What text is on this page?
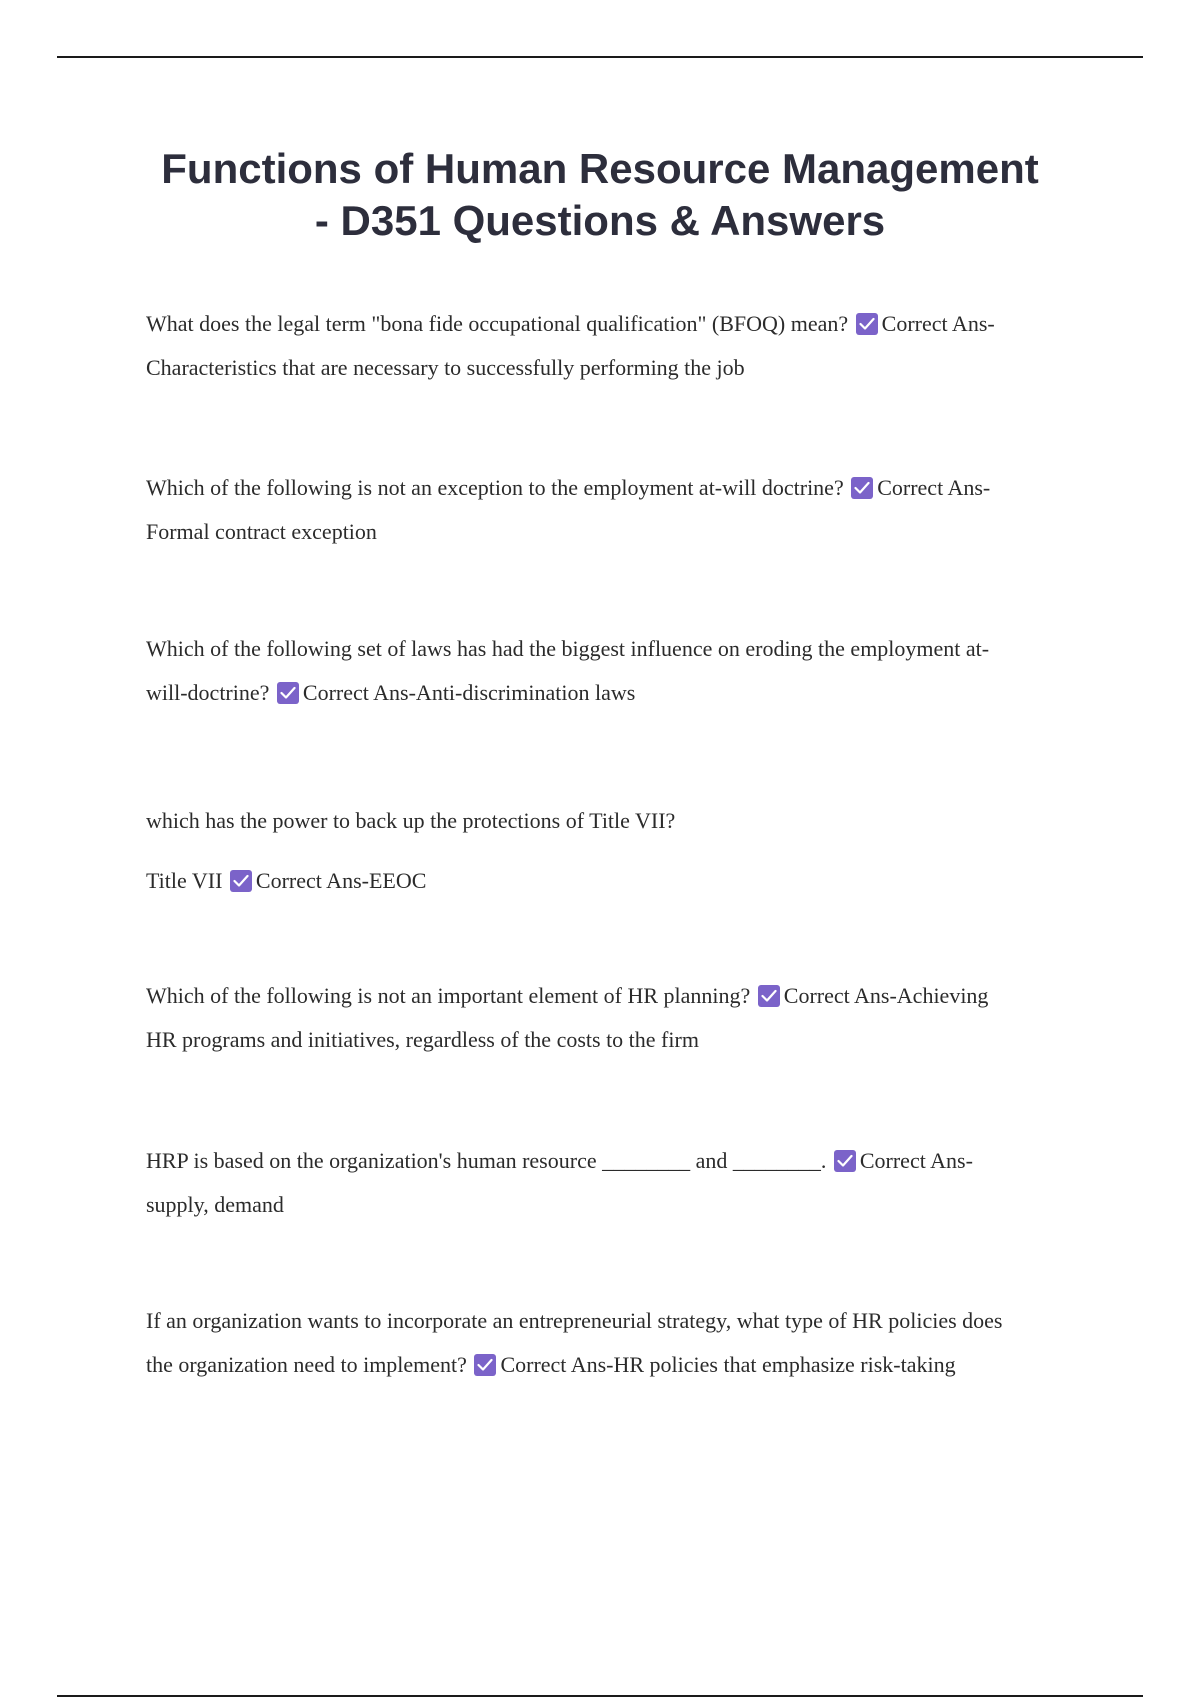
Functions of Human Resource Management
- D351 Questions & Answers

What does the legal term "bona fide occupational qualification" (BFOQ) mean? Correct Ans-
Characteristics that are necessary to successfully performing the job

Which of the following is not an exception to the employment at-will doctrine? Correct Ans-
Formal contract exception

Which of the following set of laws has had the biggest influence on eroding the employment at-
will-doctrine? Correct Ans-Anti-discrimination laws

which has the power to back up the protections of Title VII?
Title VII Correct Ans-EEOC

Which of the following is not an important element of HR planning? Correct Ans-Achieving
HR programs and initiatives, regardless of the costs to the firm

HRP is based on the organization's human resource ________ and ________. Correct Ans-
supply, demand

If an organization wants to incorporate an entrepreneurial strategy, what type of HR policies does
the organization need to implement? Correct Ans-HR policies that emphasize risk-taking
